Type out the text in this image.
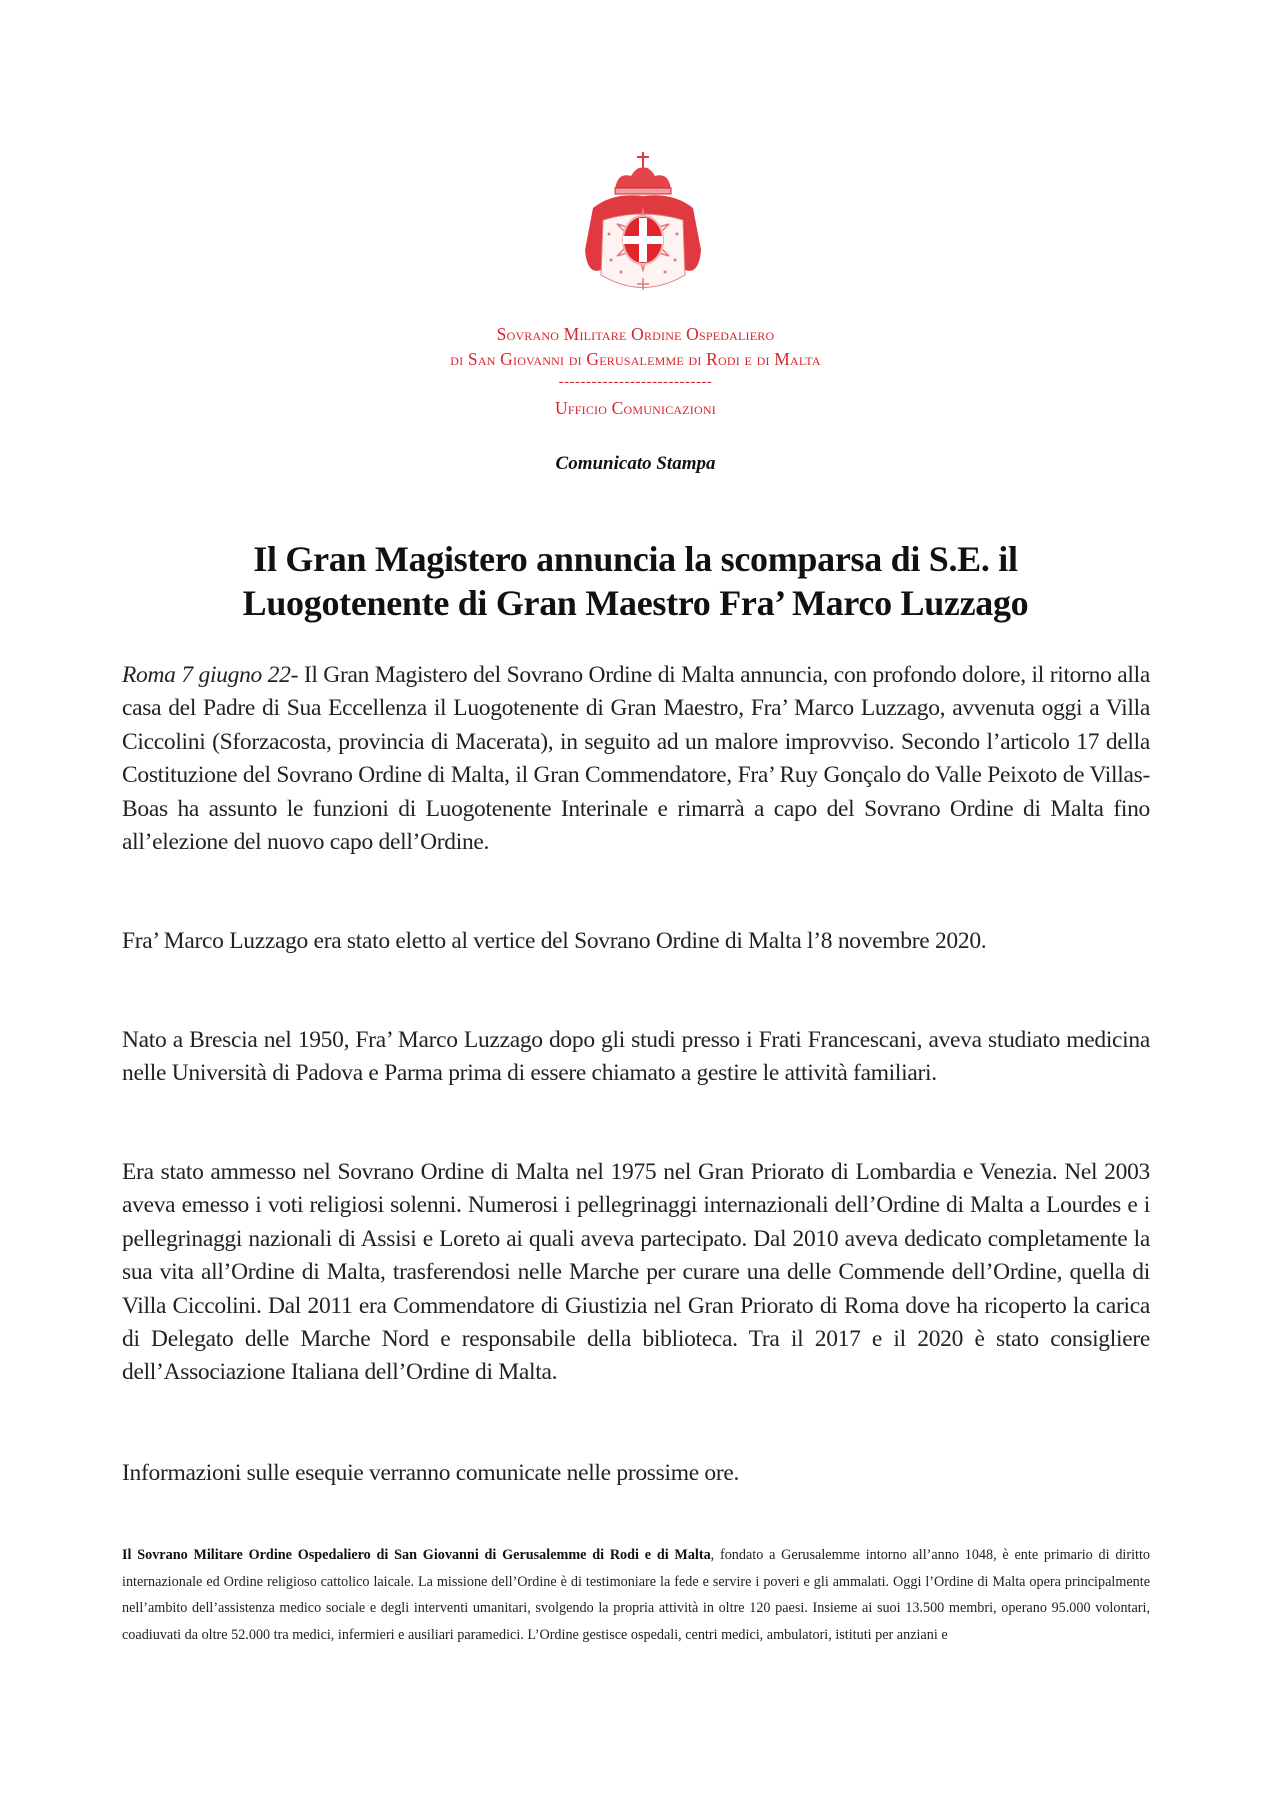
Sovrano Militare Ordine Ospedaliero
di San Giovanni di Gerusalemme di Rodi e di Malta
----------------------------
Ufficio Comunicazioni
Comunicato Stampa
Il Gran Magistero annuncia la scomparsa di S.E. il
Luogotenente di Gran Maestro Fra’ Marco Luzzago

Roma 7 giugno 22- Il Gran Magistero del Sovrano Ordine di Malta annuncia, con profondo dolore, il ritorno alla casa del Padre di Sua Eccellenza il Luogotenente di Gran Maestro, Fra’ Marco Luzzago, avvenuta oggi a Villa Ciccolini (Sforzacosta, provincia di Macerata), in seguito ad un malore improvviso. Secondo l’articolo 17 della Costituzione del Sovrano Ordine di Malta, il Gran Commendatore, Fra’ Ruy Gonçalo do Valle Peixoto de Villas-Boas ha assunto le funzioni di Luogotenente Interinale e rimarrà a capo del Sovrano Ordine di Malta fino all’elezione del nuovo capo dell’Ordine.

Fra’ Marco Luzzago era stato eletto al vertice del Sovrano Ordine di Malta l’8 novembre 2020.

Nato a Brescia nel 1950, Fra’ Marco Luzzago dopo gli studi presso i Frati Francescani, aveva studiato medicina nelle Università di Padova e Parma prima di essere chiamato a gestire le attività familiari.

Era stato ammesso nel Sovrano Ordine di Malta nel 1975 nel Gran Priorato di Lombardia e Venezia. Nel 2003 aveva emesso i voti religiosi solenni. Numerosi i pellegrinaggi internazionali dell’Ordine di Malta a Lourdes e i pellegrinaggi nazionali di Assisi e Loreto ai quali aveva partecipato. Dal 2010 aveva dedicato completamente la sua vita all’Ordine di Malta, trasferendosi nelle Marche per curare una delle Commende dell’Ordine, quella di Villa Ciccolini. Dal 2011 era Commendatore di Giustizia nel Gran Priorato di Roma dove ha ricoperto la carica di Delegato delle Marche Nord e responsabile della biblioteca. Tra il 2017 e il 2020 è stato consigliere dell’Associazione Italiana dell’Ordine di Malta.

Informazioni sulle esequie verranno comunicate nelle prossime ore.

Il Sovrano Militare Ordine Ospedaliero di San Giovanni di Gerusalemme di Rodi e di Malta, fondato a Gerusalemme intorno all’anno 1048, è ente primario di diritto internazionale ed Ordine religioso cattolico laicale. La missione dell’Ordine è di testimoniare la fede e servire i poveri e gli ammalati. Oggi l’Ordine di Malta opera principalmente nell’ambito dell’assistenza medico sociale e degli interventi umanitari, svolgendo la propria attività in oltre 120 paesi. Insieme ai suoi 13.500 membri, operano 95.000 volontari, coadiuvati da oltre 52.000 tra medici, infermieri e ausiliari paramedici. L’Ordine gestisce ospedali, centri medici, ambulatori, istituti per anziani e
